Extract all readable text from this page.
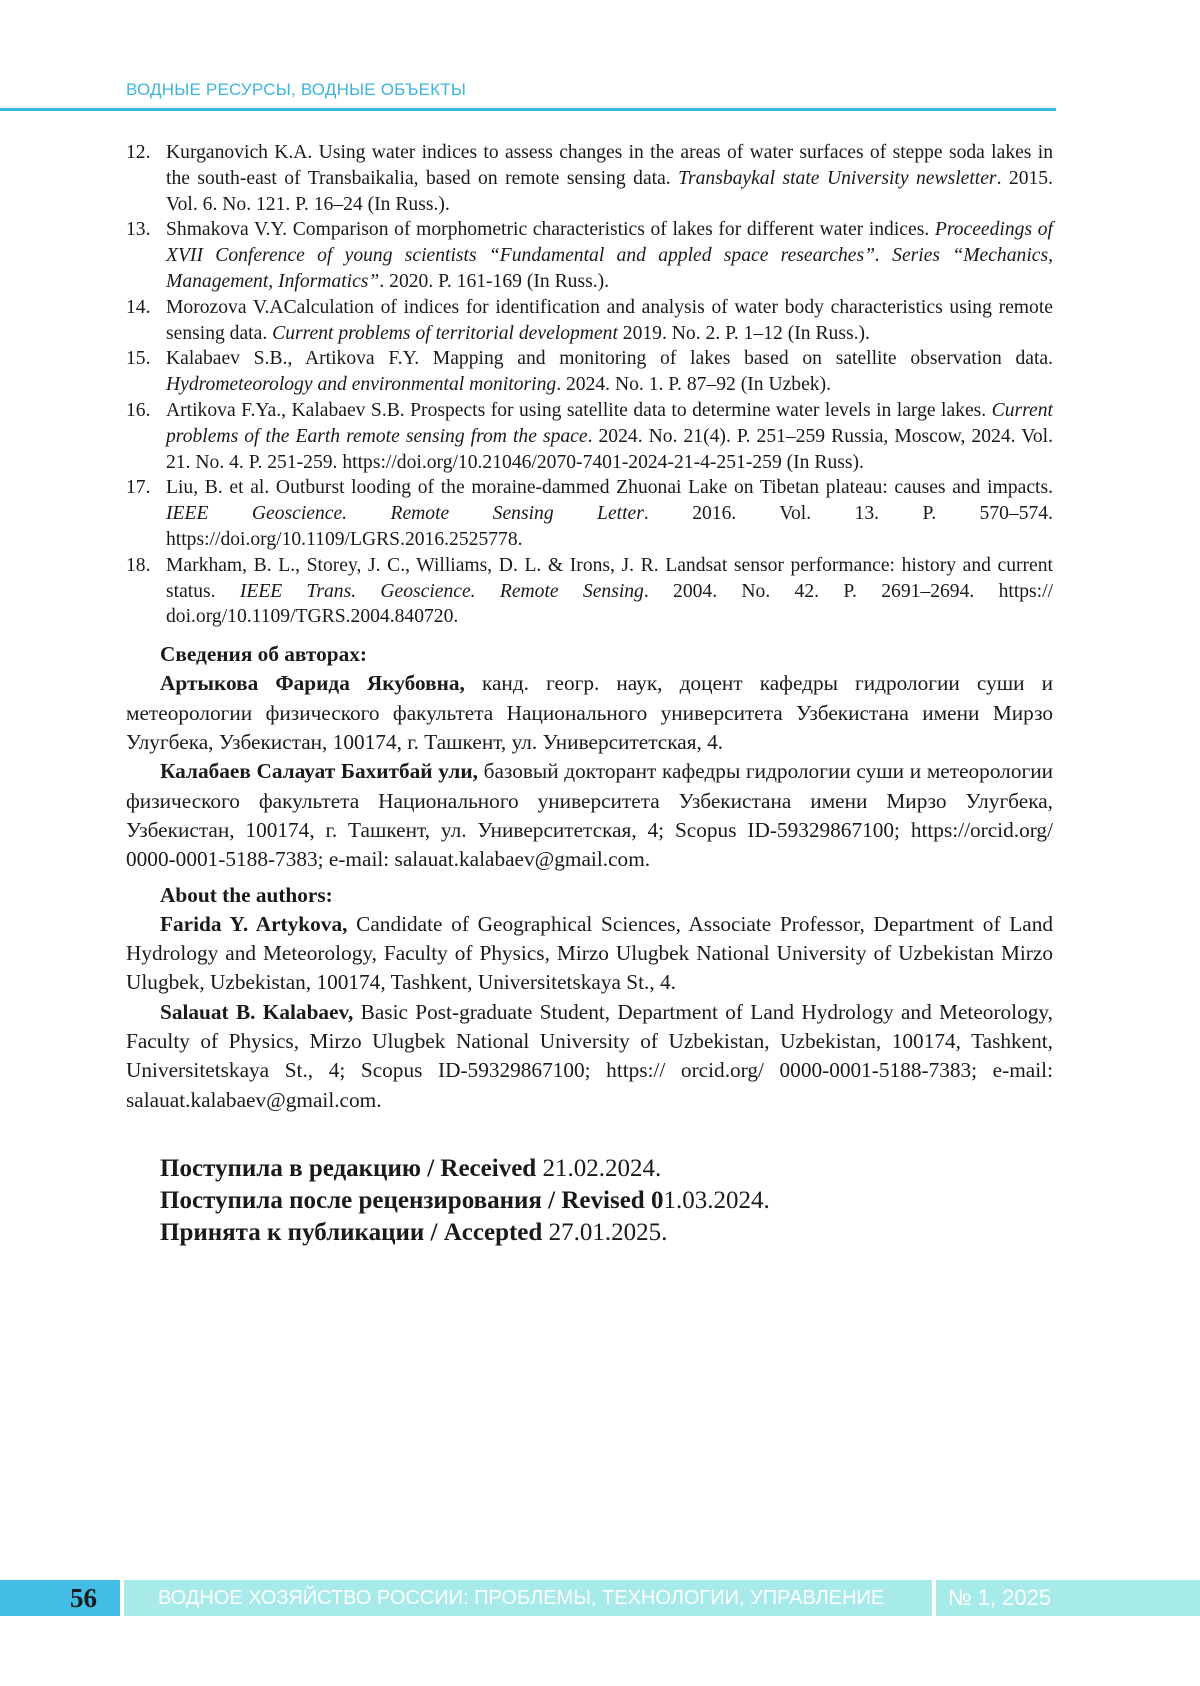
ВОДНЫЕ РЕСУРСЫ, ВОДНЫЕ ОБЪЕКТЫ
12. Kurganovich K.A. Using water indices to assess changes in the areas of water surfaces of steppe soda lakes in the south-east of Transbaikalia, based on remote sensing data. Transbaykal state University newsletter. 2015. Vol. 6. No. 121. P. 16–24 (In Russ.).
13. Shmakova V.Y. Comparison of morphometric characteristics of lakes for different water indices. Proceedings of XVII Conference of young scientists “Fundamental and appled space researches”. Series “Mechanics, Management, Informatics”. 2020. P. 161-169 (In Russ.).
14. Morozova V.ACalculation of indices for identification and analysis of water body characteristics using remote sensing data. Current problems of territorial development 2019. No. 2. P. 1–12 (In Russ.).
15. Kalabaev S.B., Artikova F.Y. Mapping and monitoring of lakes based on satellite observation data. Hydrometeorology and environmental monitoring. 2024. No. 1. P. 87–92 (In Uzbek).
16. Artikova F.Ya., Kalabaev S.B. Prospects for using satellite data to determine water levels in large lakes. Current problems of the Earth remote sensing from the space. 2024. No. 21(4). P. 251–259 Russia, Moscow, 2024. Vol. 21. No. 4. P. 251-259. https://doi.org/10.21046/2070-7401-2024-21-4-251-259 (In Russ).
17. Liu, B. et al. Outburst looding of the moraine-dammed Zhuonai Lake on Tibetan plateau: causes and impacts. IEEE Geoscience. Remote Sensing Letter. 2016. Vol. 13. P. 570–574. https://doi.org/10.1109/LGRS.2016.2525778.
18. Markham, B. L., Storey, J. C., Williams, D. L. & Irons, J. R. Landsat sensor performance: history and current status. IEEE Trans. Geoscience. Remote Sensing. 2004. No. 42. P. 2691–2694. https:// doi.org/10.1109/TGRS.2004.840720.

Сведения об авторах:

Артыкова Фарида Якубовна, канд. геогр. наук, доцент кафедры гидрологии суши и метеорологии физического факультета Национального университета Узбекистана имени Мирзо Улугбека, Узбекистан, 100174, г. Ташкент, ул. Университетская, 4.

Калабаев Салауат Бахитбай ули, базовый докторант кафедры гидрологии суши и метеорологии физического факультета Национального университета Узбекистана имени Мирзо Улугбека, Узбекистан, 100174, г. Ташкент, ул. Университетская, 4; Scopus ID-59329867100; https://orcid.org/ 0000-0001-5188-7383; e-mail: salauat.kalabaev@gmail.com.

About the authors:

Farida Y. Artykova, Candidate of Geographical Sciences, Associate Professor, Department of Land Hydrology and Meteorology, Faculty of Physics, Mirzo Ulugbek National University of Uzbekistan Mirzo Ulugbek, Uzbekistan, 100174, Tashkent, Universitetskaya St., 4.

Salauat B. Kalabaev, Basic Post-graduate Student, Department of Land Hydrology and Meteorology, Faculty of Physics, Mirzo Ulugbek National University of Uzbekistan, Uzbekistan, 100174, Tashkent, Universitetskaya St., 4; Scopus ID-59329867100; https:// orcid.org/ 0000-0001-5188-7383; e-mail: salauat.kalabaev@gmail.com.

Поступила в редакцию / Received 21.02.2024.
Поступила после рецензирования / Revised 01.03.2024.
Принята к публикации / Accepted 27.01.2025.
56	ВОДНОЕ ХОЗЯЙСТВО РОССИИ: ПРОБЛЕМЫ, ТЕХНОЛОГИИ, УПРАВЛЕНИЕ	№ 1, 2025
